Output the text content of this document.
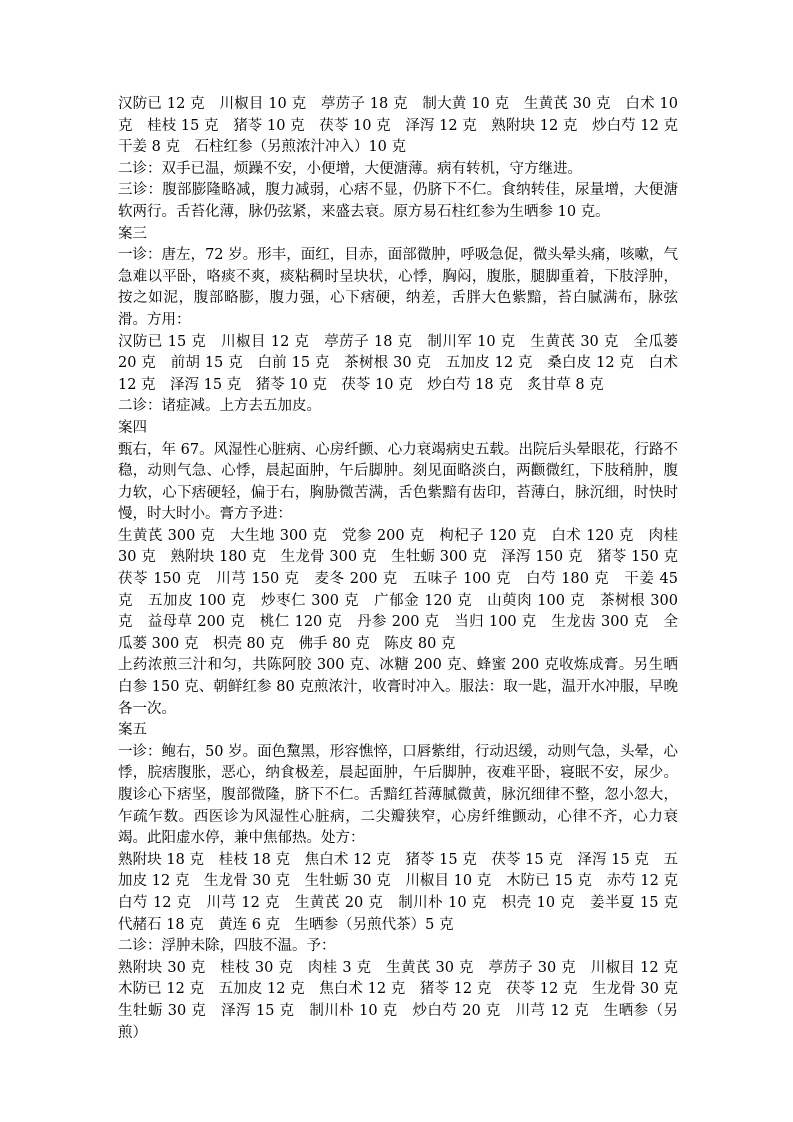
汉防已 12 克　川椒目 10 克　葶苈子 18 克　制大黄 10 克　生黄芪 30 克　白术 10 克　桂枝 15 克　猪苓 10 克　茯苓 10 克　泽泻 12 克　熟附块 12 克　炒白芍 12 克　干姜 8 克　石柱红参（另煎浓汁冲入）10 克

二诊：双手已温，烦躁不安，小便增，大便溏薄。病有转机，守方继进。

三诊：腹部膨隆略减，腹力减弱，心痞不显，仍脐下不仁。食纳转佳，尿量增，大便溏软两行。舌苔化薄，脉仍弦紧，来盛去衰。原方易石柱红参为生晒参 10 克。

案三

一诊：唐左，72 岁。形丰，面红，目赤，面部微肿，呼吸急促，微头晕头痛，咳嗽，气急难以平卧，咯痰不爽，痰粘稠时呈块状，心悸，胸闷，腹胀，腿脚重着，下肢浮肿，按之如泥，腹部略膨，腹力强，心下痞硬，纳差，舌胖大色紫黯，苔白腻满布，脉弦滑。方用：

汉防已 15 克　川椒目 12 克　葶苈子 18 克　制川军 10 克　生黄芪 30 克　全瓜蒌 20 克　前胡 15 克　白前 15 克　茶树根 30 克　五加皮 12 克　桑白皮 12 克　白术 12 克　泽泻 15 克　猪苓 10 克　茯苓 10 克　炒白芍 18 克　炙甘草 8 克

二诊：诸症减。上方去五加皮。

案四

甄右，年 67。风湿性心脏病、心房纤颤、心力衰竭病史五载。出院后头晕眼花，行路不稳，动则气急、心悸，晨起面肿，午后脚肿。刻见面略淡白，两颧微红，下肢稍肿，腹力软，心下痞硬轻，偏于右，胸胁微苦满，舌色紫黯有齿印，苔薄白，脉沉细，时快时慢，时大时小。膏方予进：

生黄芪 300 克　大生地 300 克　党参 200 克　枸杞子 120 克　白术 120 克　肉桂 30 克　熟附块 180 克　生龙骨 300 克　生牡蛎 300 克　泽泻 150 克　猪苓 150 克　茯苓 150 克　川芎 150 克　麦冬 200 克　五味子 100 克　白芍 180 克　干姜 45 克　五加皮 100 克　炒枣仁 300 克　广郁金 120 克　山萸肉 100 克　茶树根 300 克　益母草 200 克　桃仁 120 克　丹参 200 克　当归 100 克　生龙齿 300 克　全瓜蒌 300 克　枳壳 80 克　佛手 80 克　陈皮 80 克

上药浓煎三汁和匀，共陈阿胶 300 克、冰糖 200 克、蜂蜜 200 克收炼成膏。另生晒白参 150 克、朝鲜红参 80 克煎浓汁，收膏时冲入。服法：取一匙，温开水冲服，早晚各一次。

案五

一诊：鲍右，50 岁。面色黧黑，形容憔悴，口唇紫绀，行动迟缓，动则气急，头晕，心悸，脘痞腹胀，恶心，纳食极差，晨起面肿，午后脚肿，夜难平卧，寝眠不安，尿少。腹诊心下痞坚，腹部微隆，脐下不仁。舌黯红苔薄腻微黄，脉沉细律不整，忽小忽大，乍疏乍数。西医诊为风湿性心脏病，二尖瓣狭窄，心房纤维颤动，心律不齐，心力衰竭。此阳虚水停，兼中焦郁热。处方：

熟附块 18 克　桂枝 18 克　焦白术 12 克　猪苓 15 克　茯苓 15 克　泽泻 15 克　五加皮 12 克　生龙骨 30 克　生牡蛎 30 克　川椒目 10 克　木防已 15 克　赤芍 12 克　白芍 12 克　川芎 12 克　生黄芪 20 克　制川朴 10 克　枳壳 10 克　姜半夏 15 克　代赭石 18 克　黄连 6 克　生晒参（另煎代茶）5 克

二诊：浮肿未除，四肢不温。予：

熟附块 30 克　桂枝 30 克　肉桂 3 克　生黄芪 30 克　葶苈子 30 克　川椒目 12 克　木防已 12 克　五加皮 12 克　焦白术 12 克　猪苓 12 克　茯苓 12 克　生龙骨 30 克　生牡蛎 30 克　泽泻 15 克　制川朴 10 克　炒白芍 20 克　川芎 12 克　生晒参（另煎）
